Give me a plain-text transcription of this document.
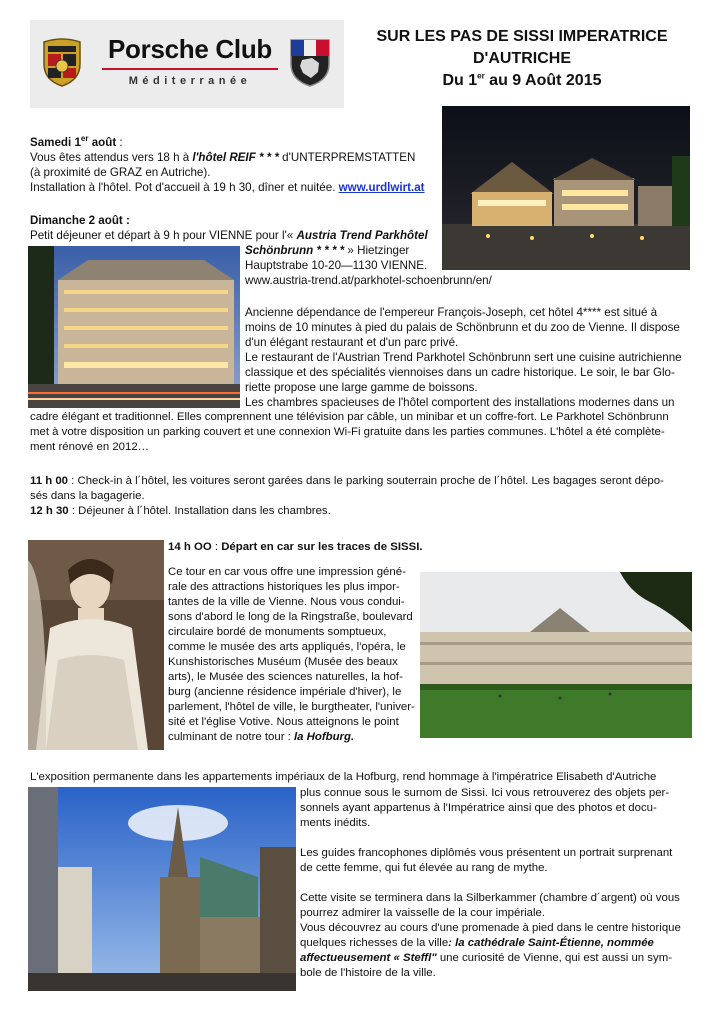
Porsche Club
Méditerranée
SUR LES PAS DE SISSI IMPERATRICE
D'AUTRICHE
Du 1er au 9 Août 2015

Samedi 1er août :

Vous êtes attendus vers 18 h à l'hôtel REIF * * * d'UNTERPREMSTATTEN

(à proximité de GRAZ en Autriche).

Installation à l'hôtel. Pot d'accueil à 19 h 30, dîner et nuitée. www.urdlwirt.at

Dimanche 2 août :

Petit déjeuner et départ à 9 h pour VIENNE pour l'« Austria Trend Parkhôtel

Schönbrunn * * * * » Hietzinger

Hauptstrabe 10-20—1130 VIENNE.

www.austria-trend.at/parkhotel-schoenbrunn/en/

Ancienne dépendance de l'empereur François-Joseph, cet hôtel 4**** est situé à

moins de 10 minutes à pied du palais de Schönbrunn et du zoo de Vienne. Il dispose

d'un élégant restaurant et d'un parc privé.

Le restaurant de l'Austrian Trend Parkhotel Schönbrunn sert une cuisine autrichienne

classique et des spécialités viennoises dans un cadre historique. Le soir, le bar Glo-

riette propose une large gamme de boissons.

Les chambres spacieuses de l'hôtel comportent des installations modernes dans un

cadre élégant et traditionnel. Elles comprennent une télévision par câble, un minibar et un coffre-fort. Le Parkhotel Schönbrunn

met à votre disposition un parking couvert et une connexion Wi-Fi gratuite dans les parties communes. L'hôtel a été complète-

ment rénové en 2012…

11 h 00 : Check-in à l´hôtel, les voitures seront garées dans le parking souterrain proche de l´hôtel. Les bagages seront dépo-

sés dans la bagagerie.

12 h 30 : Déjeuner à l´hôtel. Installation dans les chambres.

14 h OO : Départ en car sur les traces de SISSI.

Ce tour en car vous offre une impression géné-

rale des attractions historiques les plus impor-

tantes de la ville de Vienne. Nous vous condui-

sons d'abord le long de la Ringstraße, boulevard

circulaire bordé de monuments somptueux,

comme le musée des arts appliqués, l'opéra, le

Kunshistorisches Muséum (Musée des beaux

arts), le Musée des sciences naturelles, la hof-

burg (ancienne résidence impériale d'hiver), le

parlement, l'hôtel de ville, le burgtheater, l'univer-

sité et l'église Votive. Nous atteignons le point

culminant de notre tour : la Hofburg.

L'exposition permanente dans les appartements impériaux de la Hofburg, rend hommage à l'impératrice Elisabeth d'Autriche

plus connue sous le surnom de Sissi. Ici vous retrouverez des objets per-

sonnels ayant appartenus à l'Impératrice ainsi que des photos et docu-

ments inédits.

Les guides francophones diplômés vous présentent un portrait surprenant

de cette femme, qui fut élevée au rang de mythe.

Cette visite se terminera dans la Silberkammer (chambre d´argent) où vous

pourrez admirer la vaisselle de la cour impériale.

Vous découvrez au cours d'une promenade à pied dans le centre historique

quelques richesses de la ville: la cathédrale Saint-Étienne, nommée

affectueusement « Steffl" une curiosité de Vienne, qui est aussi un sym-

bole de l'histoire de la ville.
